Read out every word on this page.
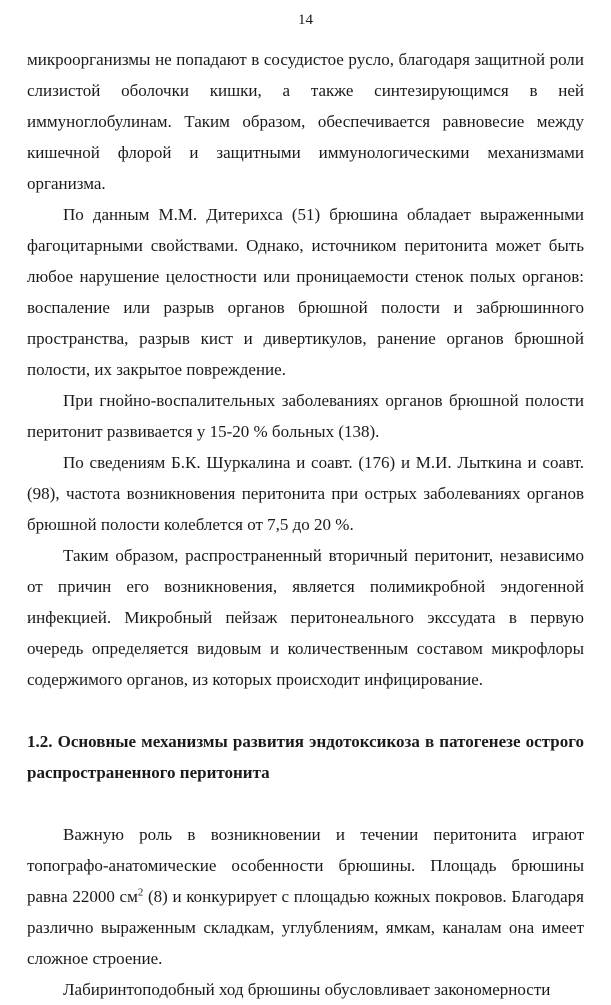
14

микроорганизмы не попадают в сосудистое русло, благодаря защитной роли слизистой оболочки кишки, а также синтезирующимся в ней иммуноглобулинам. Таким образом, обеспечивается равновесие между кишечной флорой и защитными иммунологическими механизмами организма.

По данным М.М. Дитерихса (51) брюшина обладает выраженными фагоцитарными свойствами. Однако, источником перитонита может быть любое нарушение целостности или проницаемости стенок полых органов: воспаление или разрыв органов брюшной полости и забрюшинного пространства, разрыв кист и дивертикулов, ранение органов брюшной полости, их закрытое повреждение.

При гнойно-воспалительных заболеваниях органов брюшной полости перитонит развивается у 15-20 % больных (138).

По сведениям Б.К. Шуркалина и соавт. (176) и М.И. Лыткина и соавт. (98), частота возникновения перитонита при острых заболеваниях органов брюшной полости колеблется от 7,5 до 20 %.

Таким образом, распространенный вторичный перитонит, независимо от причин его возникновения, является полимикробной эндогенной инфекцией. Микробный пейзаж перитонеального экссудата в первую очередь определяется видовым и количественным составом микрофлоры содержимого органов, из которых происходит инфицирование.

1.2. Основные механизмы развития эндотоксикоза в патогенезе острого распространенного перитонита

Важную роль в возникновении и течении перитонита играют топографо-анатомические особенности брюшины. Площадь брюшины равна 22000 $см^2$ (8) и конкурирует с площадью кожных покровов. Благодаря различно выраженным складкам, углублениям, ямкам, каналам она имеет сложное строение.

Лабиринтоподобный ход брюшины обусловливает закономерности
